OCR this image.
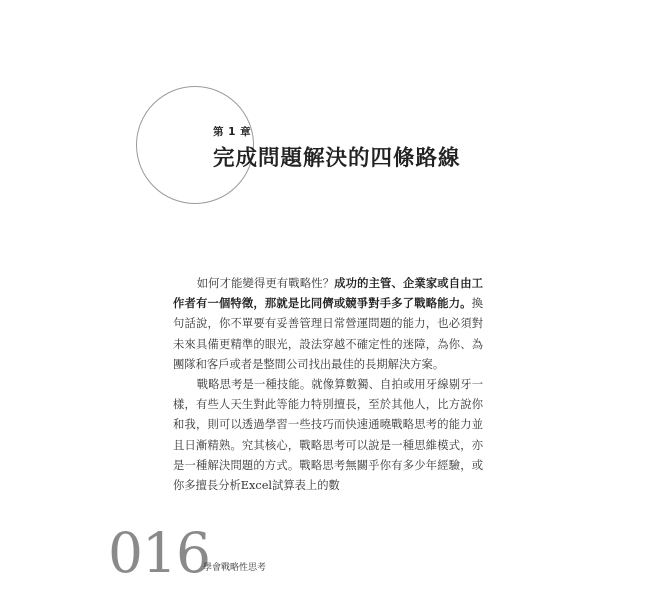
第 1 章
完成問題解決的四條路線

如何才能變得更有戰略性？成功的主管、企業家或自由工作者有一個特徵，那就是比同儕或競爭對手多了戰略能力。換句話說，你不單要有妥善管理日常營運問題的能力，也必須對未來具備更精準的眼光，設法穿越不確定性的迷障，為你、為團隊和客戶或者是整間公司找出最佳的長期解決方案。

戰略思考是一種技能。就像算數獨、自拍或用牙線剔牙一樣，有些人天生對此等能力特別擅長，至於其他人，比方說你和我，則可以透過學習一些技巧而快速通曉戰略思考的能力並且日漸精熟。究其核心，戰略思考可以說是一種思維模式，亦是一種解決問題的方式。戰略思考無關乎你有多少年經驗，或你多擅長分析Excel試算表上的數

016
學會戰略性思考
